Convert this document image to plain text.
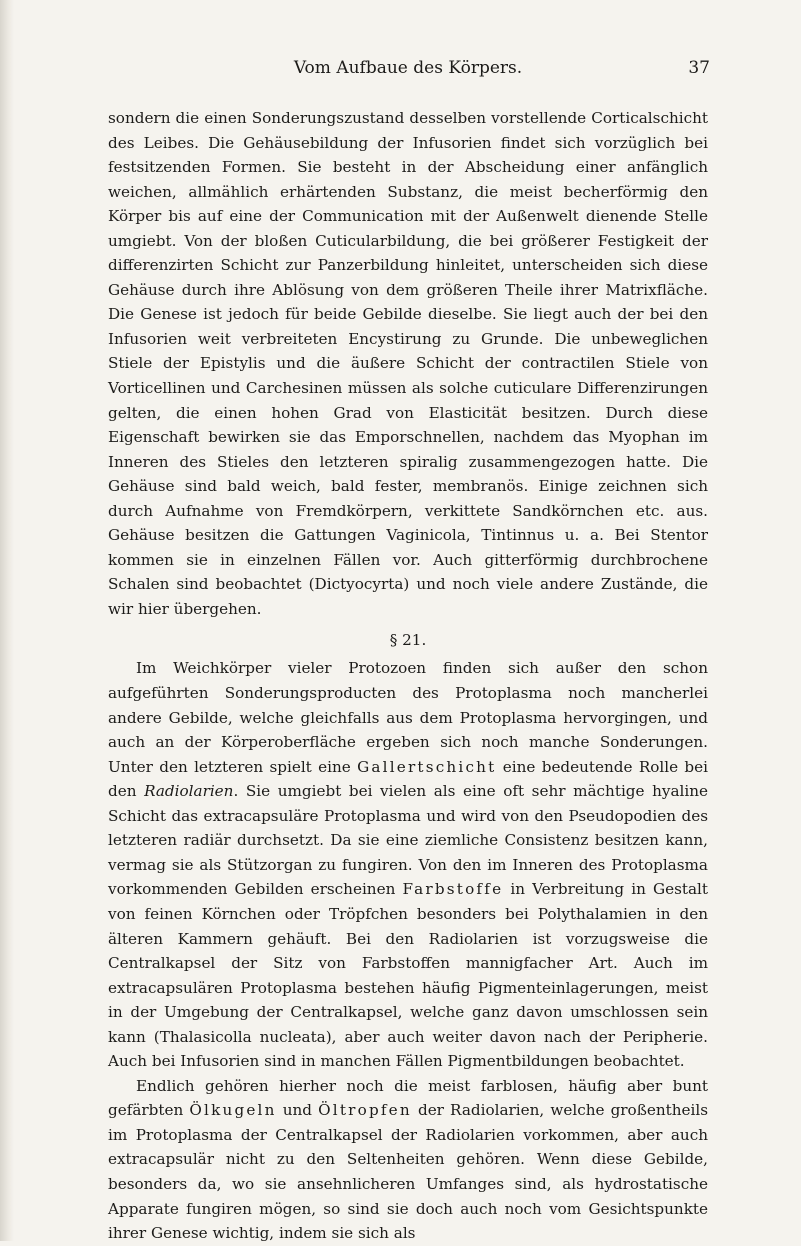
Vom Aufbaue des Körpers.	37

sondern die einen Sonderungszustand desselben vorstellende Corticalschicht des Leibes. Die Gehäusebildung der Infusorien findet sich vorzüglich bei festsitzenden Formen. Sie besteht in der Abscheidung einer anfänglich weichen, allmählich erhärtenden Substanz, die meist becherförmig den Körper bis auf eine der Communication mit der Außenwelt dienende Stelle umgiebt. Von der bloßen Cuticularbildung, die bei größerer Festigkeit der differenzirten Schicht zur Panzerbildung hinleitet, unterscheiden sich diese Gehäuse durch ihre Ablösung von dem größeren Theile ihrer Matrixfläche. Die Genese ist jedoch für beide Gebilde dieselbe. Sie liegt auch der bei den Infusorien weit verbreiteten Encystirung zu Grunde. Die unbeweglichen Stiele der Epistylis und die äußere Schicht der contractilen Stiele von Vorticellinen und Carchesinen müssen als solche cuticulare Differenzirungen gelten, die einen hohen Grad von Elasticität besitzen. Durch diese Eigenschaft bewirken sie das Emporschnellen, nachdem das Myophan im Inneren des Stieles den letzteren spiralig zusammengezogen hatte. Die Gehäuse sind bald weich, bald fester, membranös. Einige zeichnen sich durch Aufnahme von Fremdkörpern, verkittete Sandkörnchen etc. aus. Gehäuse besitzen die Gattungen Vaginicola, Tintinnus u. a. Bei Stentor kommen sie in einzelnen Fällen vor. Auch gitterförmig durchbrochene Schalen sind beobachtet (Dictyocyrta) und noch viele andere Zustände, die wir hier übergehen.

§ 21.

Im Weichkörper vieler Protozoen finden sich außer den schon aufgeführten Sonderungsproducten des Protoplasma noch mancherlei andere Gebilde, welche gleichfalls aus dem Protoplasma hervorgingen, und auch an der Körperoberfläche ergeben sich noch manche Sonderungen. Unter den letzteren spielt eine Gallertschicht eine bedeutende Rolle bei den Radiolarien. Sie umgiebt bei vielen als eine oft sehr mächtige hyaline Schicht das extracapsuläre Protoplasma und wird von den Pseudopodien des letzteren radiär durchsetzt. Da sie eine ziemliche Consistenz besitzen kann, vermag sie als Stützorgan zu fungiren. Von den im Inneren des Protoplasma vorkommenden Gebilden erscheinen Farbstoffe in Verbreitung in Gestalt von feinen Körnchen oder Tröpfchen besonders bei Polythalamien in den älteren Kammern gehäuft. Bei den Radiolarien ist vorzugsweise die Centralkapsel der Sitz von Farbstoffen mannigfacher Art. Auch im extracapsulären Protoplasma bestehen häufig Pigmenteinlagerungen, meist in der Umgebung der Centralkapsel, welche ganz davon umschlossen sein kann (Thalasicolla nucleata), aber auch weiter davon nach der Peripherie. Auch bei Infusorien sind in manchen Fällen Pigmentbildungen beobachtet.

Endlich gehören hierher noch die meist farblosen, häufig aber bunt gefärbten Ölkugeln und Öltropfen der Radiolarien, welche großentheils im Protoplasma der Centralkapsel der Radiolarien vorkommen, aber auch extracapsulär nicht zu den Seltenheiten gehören. Wenn diese Gebilde, besonders da, wo sie ansehnlicheren Umfanges sind, als hydrostatische Apparate fungiren mögen, so sind sie doch auch noch vom Gesichtspunkte ihrer Genese wichtig, indem sie sich als
